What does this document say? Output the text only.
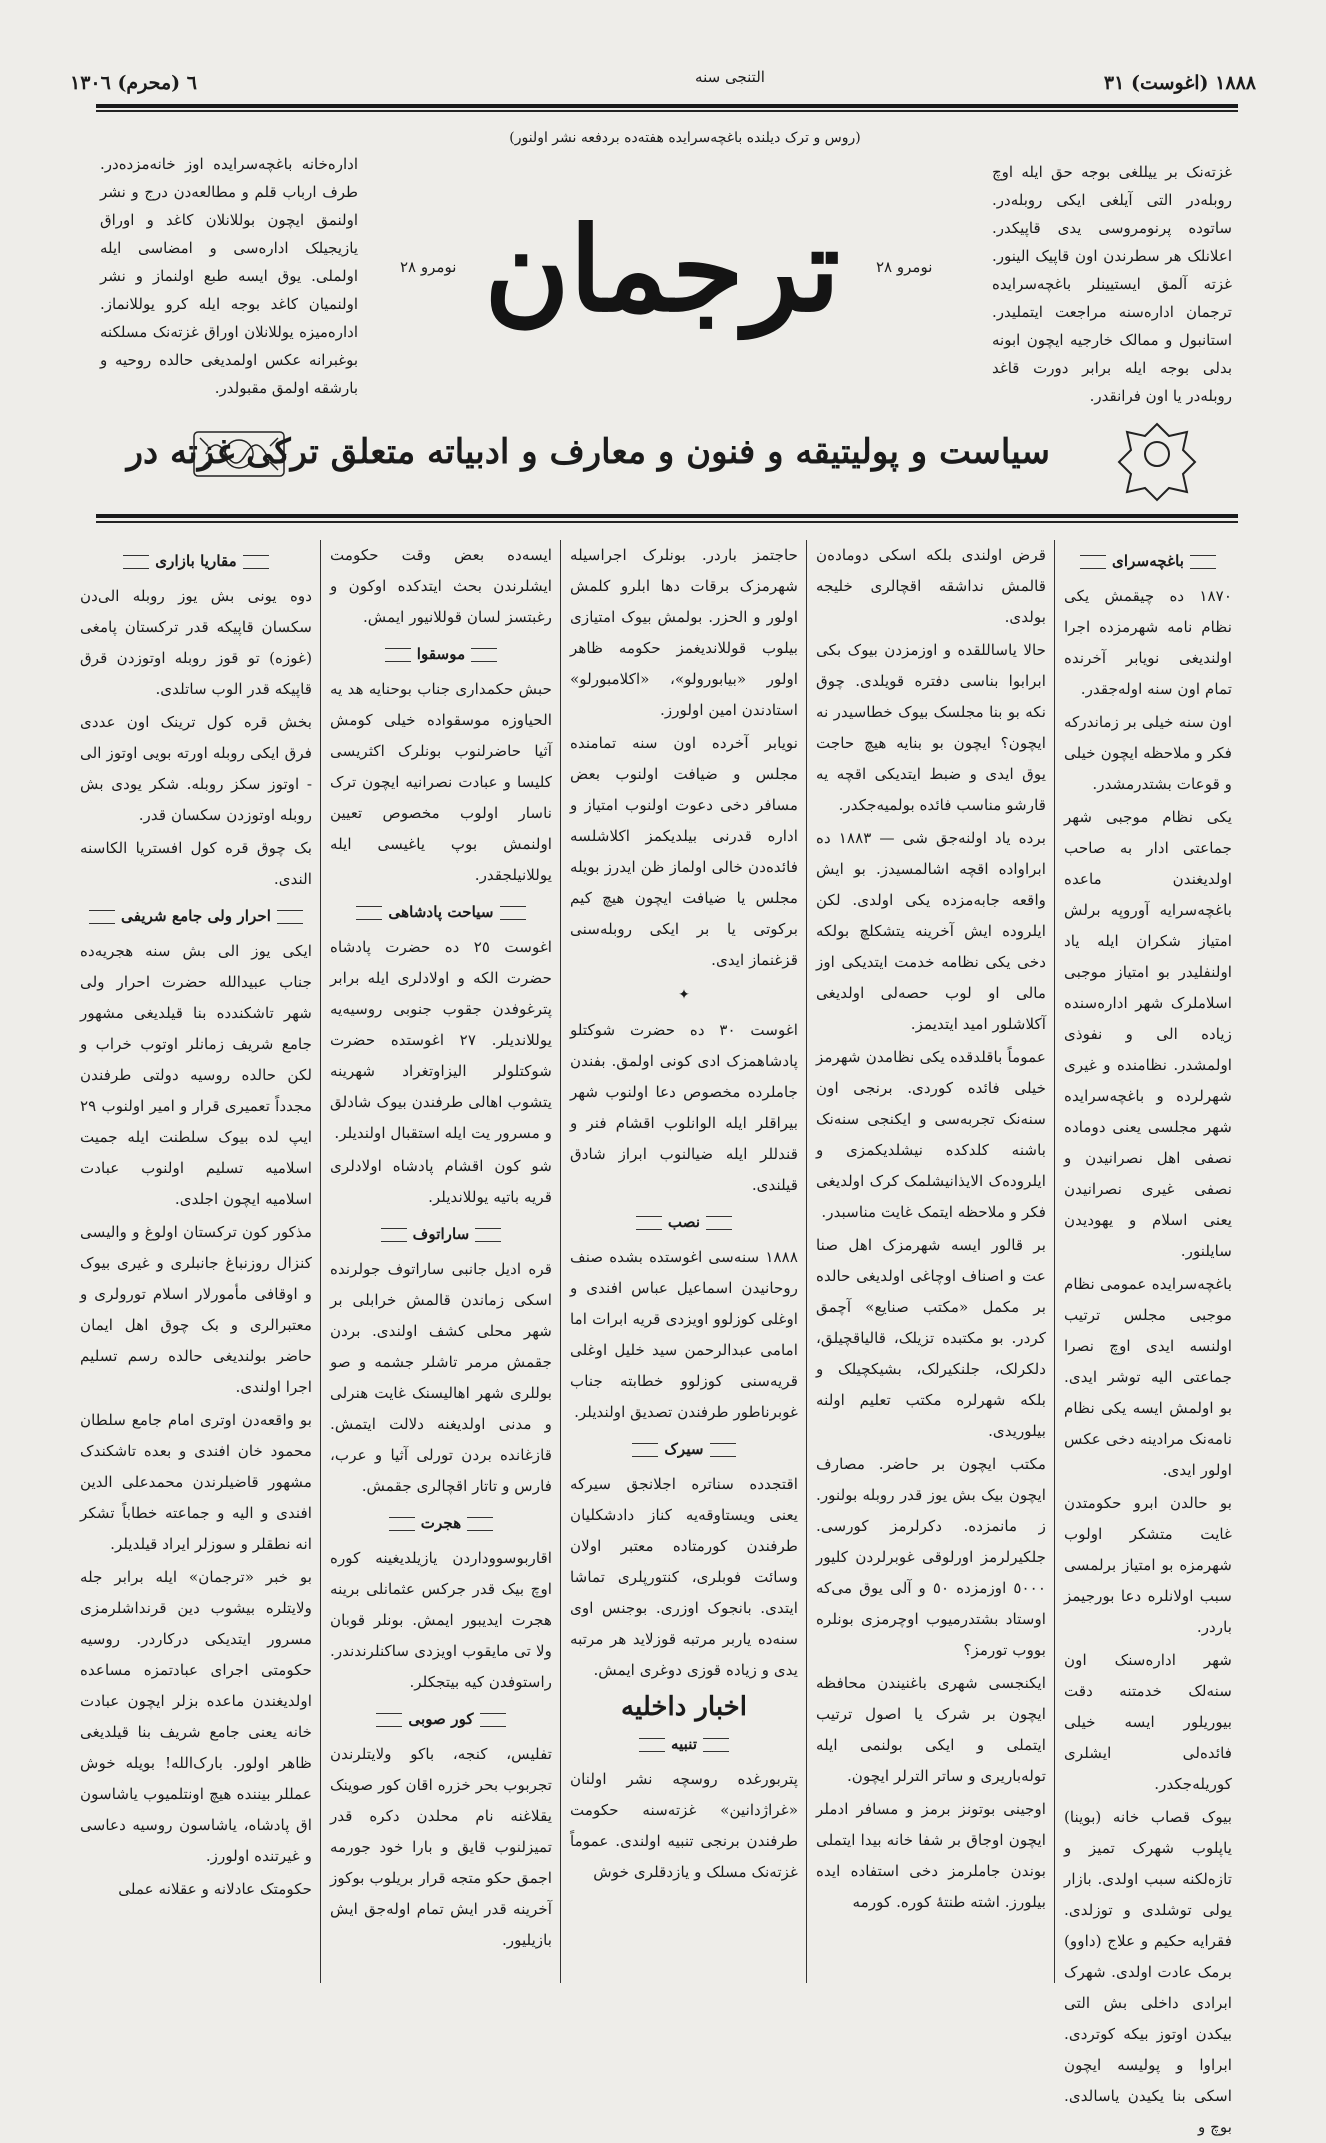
١٨٨٨ (اغوست) ٣١
التنجی سنه
٦ (محرم) ١٣٠٦
(روس و ترک دیلنده باغچه‌سرایده هفته‌ده بردفعه نشر اولنور)
غزته‌نک بر ییللغی بوجه حق ایله اوچ روبله‌در التی آیلغی ایکی روبله‌در. ساتوده پرنومروسی یدی قاپیکدر. اعلانلک هر سطرندن اون قاپیک الینور. غزته آلمق ایستیینلر باغچه‌سرایده ترجمان اداره‌سنه مراجعت ایتملیدر. استانبول و ممالک خارجیه ایچون ابونه بدلی بوجه ایله برابر دورت قاغد روبله‌در یا اون فرانقدر.
اداره‌خانه باغچه‌سرایده اوز خانه‌مزده‌در. طرف ارباب قلم و مطالعه‌دن درج و نشر اولنمق ایچون بوللانلان کاغد و اوراق یازیجیلک اداره‌سی و امضاسی ایله اولملی. یوق ایسه طبع اولنماز و نشر اولنمیان کاغد بوجه ایله کرو یوللانماز. اداره‌میزه یوللانلان اوراق غزته‌نک مسلکنه بوغبرانه عکس اولمدیغی حالده روحیه و بارشقه اولمق مقبولدر.
نومرو ٢٨
نومرو ٢٨ ترجمان
سیاست و پولیتیقه و فنون و معارف و ادبیاته متعلق ترکی غزته در
باغچه‌سرای

١٨٧٠ ده چیقمش یکی نظام نامه شهرمزده اجرا اولندیغی نویابر آخرنده تمام اون سنه اوله‌جقدر.

اون سنه خیلی بر زماندرکه فکر و ملاحظه ایچون خیلی و قوعات بشتدرمشدر.

یکی نظام موجبی شهر جماعتی ادار به صاحب اولدیغندن ماعده باغچه‌سرایه آوروپه برلش امتیاز شکران ایله یاد اولنفلیدر بو امتیاز موجبی اسلاملرک شهر اداره‌سنده زیاده الی و نفوذی اولمشدر. نظامنده و غیری شهرلرده و باغچه‌سرایده شهر مجلسی یعنی دوماده نصفی اهل نصرانیدن و نصفی غیری نصرانیدن یعنی اسلام و یهودیدن سایلنور.

باغچه‌سرایده عمومی نظام موجبی مجلس ترتیب اولنسه ایدی اوچ نصرا جماعتی الیه توشر ایدی. بو اولمش ایسه یکی نظام نامه‌نک مرادینه دخی عکس اولور ایدی.

بو حالدن ابرو حکومتدن غایت متشکر اولوب شهرمزه بو امتیاز برلمسی سبب اولانلره دعا بورجیمز باردر.

شهر اداره‌سنک اون سنه‌لک خدمتنه دقت بیوریلور ایسه خیلی فائده‌لی ایشلری کوریله‌جکدر.

بیوک قصاب خانه (بوینا) یاپلوب شهرک تمیز و تازه‌لکنه سبب اولدی. بازار یولی توشلدی و توزلدی. فقرایه حکیم و علاج (داوو) برمک عادت اولدی. شهرک ابرادی داخلی بش التی بیکدن اوتوز بیکه کوتردی. ابراوا و پولیسه ایچون اسکی بنا یکیدن یاسالدی. بوچ و

قرض اولندی بلکه اسکی دوماده‌ن قالمش نداشقه اقچالری خلیجه بولدی.

حالا یاساللقده و اوزمزدن بیوک بکی ابرابوا بناسی دفتره قویلدی. چوق نکه بو بنا مجلسک بیوک خطاسیدر نه ایچون؟ ایچون بو بنایه هیچ حاجت یوق ایدی و ضبط ایتدیکی اقچه یه قارشو مناسب فائده بولمیه‌جکدر.

برده یاد اولنه‌جق شی — ١٨٨٣ ده ابراواده اقچه اشالمسیدز. بو ایش واقعه جابه‌مزده یکی اولدی. لکن ایلروده ایش آخرینه یتشکلچ بولکه دخی یکی نظامه خدمت ایتدیکی اوز مالی او لوب حصه‌لی اولدیغی آکلاشلور امید ایتدیمز.

عموماً باقلدقده یکی نظامدن شهرمز خیلی فائده کوردی. برنجی اون سنه‌نک تجربه‌سی و ایکنجی سنه‌نک باشنه کلدکده نیشلدیکمزی و ایلروده‌ک الایذانیشلمک کرک اولدیغی فکر و ملاحظه ایتمک غایت مناسبدر.

بر قالور ایسه شهرمزک اهل صنا عت و اصناف اوچاغی اولدیغی حالده بر مکمل «مکتب صنایع» آچمق کردر. بو مکتبده تزیلک، قالیاقچیلق، دلکرلک، جلنکیرلک، بشیکچیلک و بلکه شهرلره مکتب تعلیم اولنه بیلوریدی.

مکتب ایچون بر حاضر. مصارف ایچون بیک بش یوز قدر روبله بولنور. ز مانمزده. دکرلرمز کورسی. جلکیرلرمز اورلوقی غوبرلردن کلیور ٥٠٠٠ اوزمزده ٥٠ و آلی یوق می‌که اوستاد بشتدرمیوب اوچرمزی بونلره بووب تورمز؟

ایکنجسی شهری باغنیندن محافظه ایچون بر شرک یا اصول ترتیب ایتملی و ایکی بولنمی ایله توله‌باریری و ساتر الترلر ایچون.

اوجینی بوتونز برمز و مسافر ادملر ایچون اوجاق بر شفا خانه بیدا ایتملی بوندن جاملرمز دخی استفاده ایده بیلورز. اشته طنتهٔ کوره. کورمه

حاجتمز باردر. بونلرک اجراسیله شهرمزک برقات دها ابلرو کلمش اولور و الحزر. بولمش بیوک امتیازی بیلوب قوللاندیغمز حکومه ظاهر اولور «بیابورولو»، «اکلامبورلو» استادندن امین اولورز.

نویابر آخرده اون سنه تمامنده مجلس و ضیافت اولنوب بعض مسافر دخی دعوت اولنوب امتیاز و اداره قدرنی بیلدیکمز اکلاشلسه فائده‌دن خالی اولماز ظن ایدرز بویله مجلس یا ضیافت ایچون هیچ کیم برکوتی یا بر ایکی روبله‌سنی قزغنماز ایدی.

✦

اغوست ٣٠ ده حضرت شوکتلو پادشاهمزک ادی کونی اولمق. بفندن جاملرده مخصوص دعا اولنوب شهر بیراقلر ایله الوانلوب اقشام فنر و قندللر ایله ضیالنوب ابراز شادق قیلندی.

نصب

١٨٨٨ سنه‌سی اغوستده بشده صنف روحانیدن اسماعیل عباس افندی و اوغلی کوزلوو اویزدی قریه ابرات اما امامی عبدالرحمن سید خلیل اوغلی قریه‌سنی کوزلوو خطابته جناب غوبرناطور طرفندن تصدیق اولندیلر.

سیرک

اقتجدده سناتره اجلانجق سیرکه یعنی ویستاوقه‌یه کناز دادشکلیان طرفندن کورمتاده معتبر اولان وسائت فوبلری، کنتورپلری تماشا ایتدی. بانجوک اوزری. بوجنس اوی سنه‌ده یاربر مرتبه قوزلاید هر مرتبه یدی و زیاده قوزی دوغری ایمش.

اخبار داخلیه
تنبیه

پتربورغده روسچه نشر اولنان «غراژدانین» غزته‌سنه حکومت طرفندن برنجی تنبیه اولندی. عموماً غزته‌نک مسلک و یازدقلری خوش

ایسه‌ده بعض وقت حکومت ایشلرندن بحث ایتدکده اوکون و رغبتسز لسان قوللانیور ایمش.

موسقوا

حبش حکمداری جناب بوحنایه هد یه الحیاوزه موسقواده خیلی کومش آثیا حاضرلنوب بونلرک اکثریسی کلیسا و عبادت نصرانیه ایچون ترک ناسار اولوب مخصوص تعیین اولنمش بوپ یاغیسی ایله یوللانیلجقدر.

سیاحت پادشاهی

اغوست ٢٥ ده حضرت پادشاه حضرت الکه و اولادلری ایله برابر پترغوفدن جقوب جنوبی روسیه‌یه یوللاندیلر. ٢٧ اغوستده حضرت شوکتلولر الیزاوتغراد شهرینه یتشوب اهالی طرفندن بیوک شادلق و مسرور یت ایله استقبال اولندیلر.

شو کون اقشام پادشاه اولادلری قریه باتیه یوللاندیلر.

ساراتوف

قره ادیل جانبی ساراتوف جولرنده اسکی زماندن قالمش خرابلی بر شهر محلی کشف اولندی. بردن جقمش مرمر تاشلر جشمه و صو بوللری شهر اهالیسنک غایت هنرلی و مدنی اولدیغنه دلالت ایتمش. قازغانده بردن تورلی آثیا و عرب، فارس و تاتار اقچالری جقمش.

هجرت

اقاربوسووداردن یازیلدیغینه کوره اوچ بیک قدر جرکس عثمانلی برینه هجرت ایدیبور ایمش. بونلر قوبان ولا تی مایقوب اویزدی ساکنلرندندر. راستوفدن کیه بیتجکلر.

کور صوبی

تفلیس، کنجه، باکو ولایتلرندن تجربوب بحر خزره اقان کور صوینک یقلاغنه نام محلدن دکره قدر تمیزلنوب قایق و بارا خود جورمه اجمق حکو متجه قرار بریلوب بوکوز آخرینه قدر ایش تمام اوله‌جق ایش بازیلیور.

مقاریا بازاری

دوه یونی بش یوز روبله الی‌دن سکسان قاپیکه قدر ترکستان پامغی (غوزه) تو قوز روبله اوتوزدن قرق قاپیکه قدر الوب ساتلدی.

بخش قره کول ترینک اون عددی فرق ایکی روبله اورته بویی اوتوز الی - اوتوز سکز روبله. شکر یودی بش روبله اوتوزدن سکسان قدر.

بک چوق قره کول افستریا الکاسنه الندی.

احرار ولی جامع شریفی

ایکی یوز الی بش سنه هجریه‌ده جناب عبیدالله حضرت احرار ولی شهر تاشکندده بنا قیلدیغی مشهور جامع شریف زمانلر اوتوب خراب و لکن حالده روسیه دولتی طرفندن مجدداً تعمیری قرار و امیر اولنوب ٢٩ ایپ لده بیوک سلطنت ایله جمیت اسلامیه تسلیم اولنوب عبادت اسلامیه ایچون اجلدی.

مذکور کون ترکستان اولوغ و والیسی کنزال روزنباغ جانبلری و غیری بیوک و اوقافی مأمورلار اسلام تورولری و معتبرالری و بک چوق اهل ایمان حاضر بولندیغی حالده رسم تسلیم اجرا اولندی.

بو واقعه‌دن اوتری امام جامع سلطان محمود خان افندی و بعده تاشکندک مشهور قاضیلرندن محمدعلی الدین افندی و الیه و جماعته خطاباً تشکر انه نطقلر و سوزلر ایراد قیلدیلر.

بو خبر «ترجمان» ایله برابر جله ولایتلره بیشوب دین قرنداشلرمزی مسرور ایتدیکی درکاردر. روسیه حکومتی اجرای عبادتمزه مساعده اولدیغندن ماعده بزلر ایچون عبادت خانه یعنی جامع شریف بنا قیلدیغی ظاهر اولور. بارک‌الله! بویله خوش عمللر بیننده هیچ اونتلمیوب یاشاسون اق پادشاه، یاشاسون روسیه دعاسی و غیرتنده اولورز.

حکومتک عادلانه و عقلانه عملی
